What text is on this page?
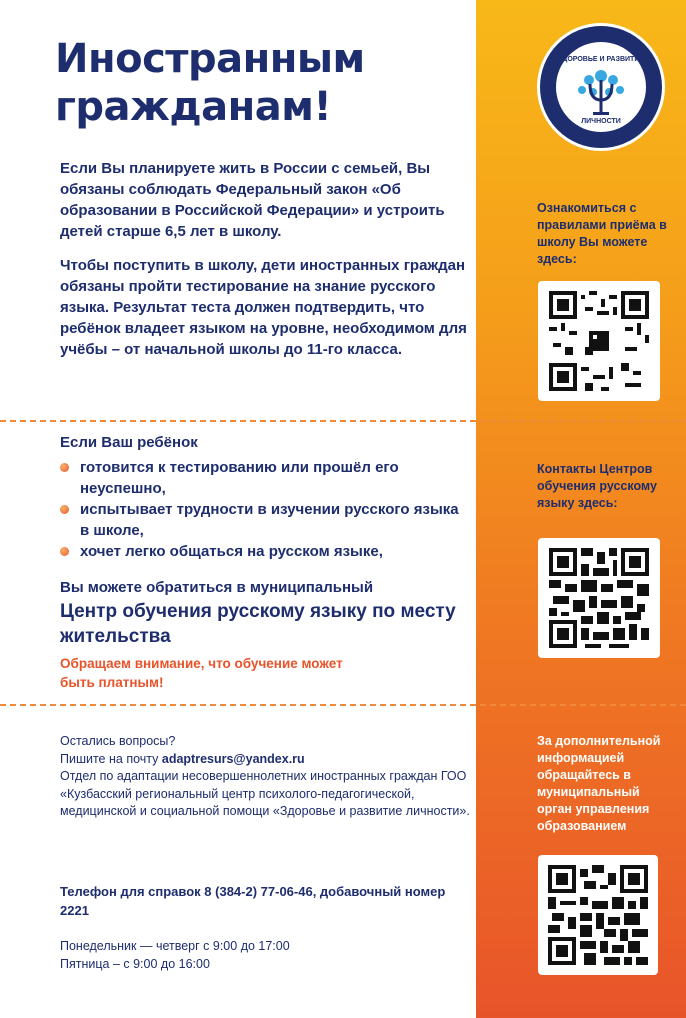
ЗДОРОВЬЕ И РАЗВИТИЕ
ЛИЧНОСТИ
Иностранным гражданам!

Если Вы планируете жить в России с семьей, Вы обязаны соблюдать Федеральный закон «Об образовании в Российской Федерации» и устроить детей старше 6,5 лет в школу.

Чтобы поступить в школу, дети иностранных граждан обязаны пройти тестирование на знание русского языка. Результат теста должен подтвердить, что ребёнок владеет языком на уровне, необходимом для учёбы – от начальной школы до 11-го класса.

Если Ваш ребёнок
готовится к тестированию или прошёл его неуспешно,
испытывает трудности в изучении русского языка в школе,
хочет легко общаться на русском языке,
Вы можете обратиться в муниципальный
Центр обучения русскому языку по месту жительства
Обращаем внимание, что обучение может быть платным!
Остались вопросы?
Пишите на почту adaptresurs@yandex.ru
Отдел по адаптации несовершеннолетних иностранных граждан ГОО «Кузбасский региональный центр психолого-педагогической, медицинской и социальной помощи «Здоровье и развитие личности».
Телефон для справок 8 (384-2) 77-06-46, добавочный номер 2221
Понедельник — четверг с 9:00 до 17:00
Пятница – с 9:00 до 16:00
Ознакомиться с правилами приёма в школу Вы можете здесь:
Контакты Центров обучения русскому языку здесь:
За дополнительной информацией обращайтесь в муниципальный орган управления образованием
